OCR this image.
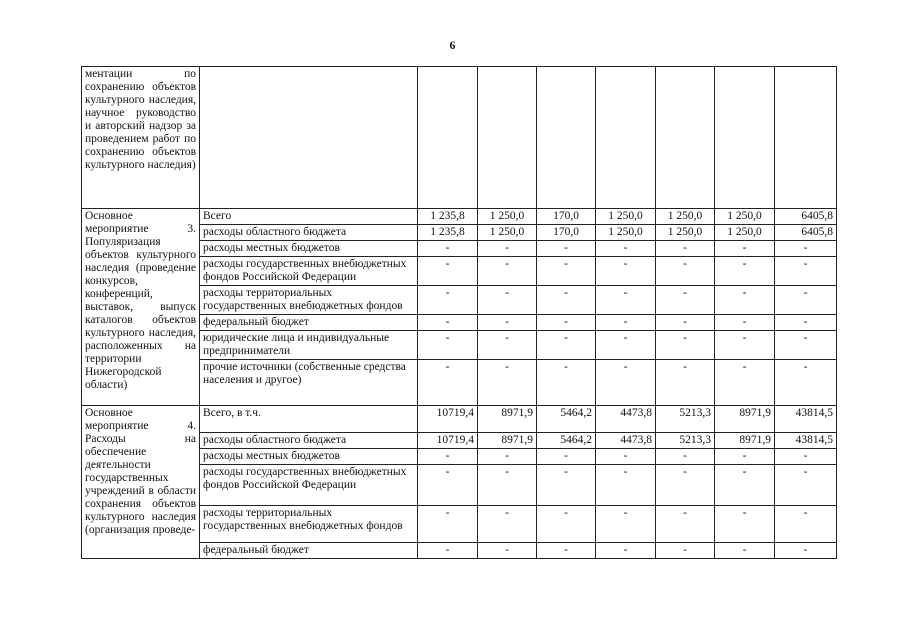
6
ментации по сохранению объектов культурного наследия, научное руководство и авторский надзор за проведением работ по сохранению объектов культурного наследия)								
Основное мероприятие 3. Популяризация объектов культурного наследия (проведение конкурсов, конференций, выставок, выпуск каталогов объектов культурного наследия, расположенных на территории Нижегородской области)	Всего	1 235,8	1 250,0	170,0	1 250,0	1 250,0	1 250,0	6405,8
	расходы областного бюджета	1 235,8	1 250,0	170,0	1 250,0	1 250,0	1 250,0	6405,8
	расходы местных бюджетов	-	-	-	-	-	-	-
	расходы государственных внебюджетных фондов Российской Федерации	-	-	-	-	-	-	-
	расходы территориальных государственных внебюджетных фондов	-	-	-	-	-	-	-
	федеральный бюджет	-	-	-	-	-	-	-
	юридические лица и индивидуальные предприниматели	-	-	-	-	-	-	-
	прочие источники (собственные средства населения и другое)	-	-	-	-	-	-	-
Основное мероприятие 4. Расходы на обеспечение деятельности государственных учреждений в области сохранения объектов культурного наследия (организация проведе-	Всего, в т.ч.	10719,4	8971,9	5464,2	4473,8	5213,3	8971,9	43814,5
	расходы областного бюджета	10719,4	8971,9	5464,2	4473,8	5213,3	8971,9	43814,5
	расходы местных бюджетов	-	-	-	-	-	-	-
	расходы государственных внебюджетных фондов Российской Федерации	-	-	-	-	-	-	-
	расходы территориальных государственных внебюджетных фондов	-	-	-	-	-	-	-
	федеральный бюджет	-	-	-	-	-	-	-
